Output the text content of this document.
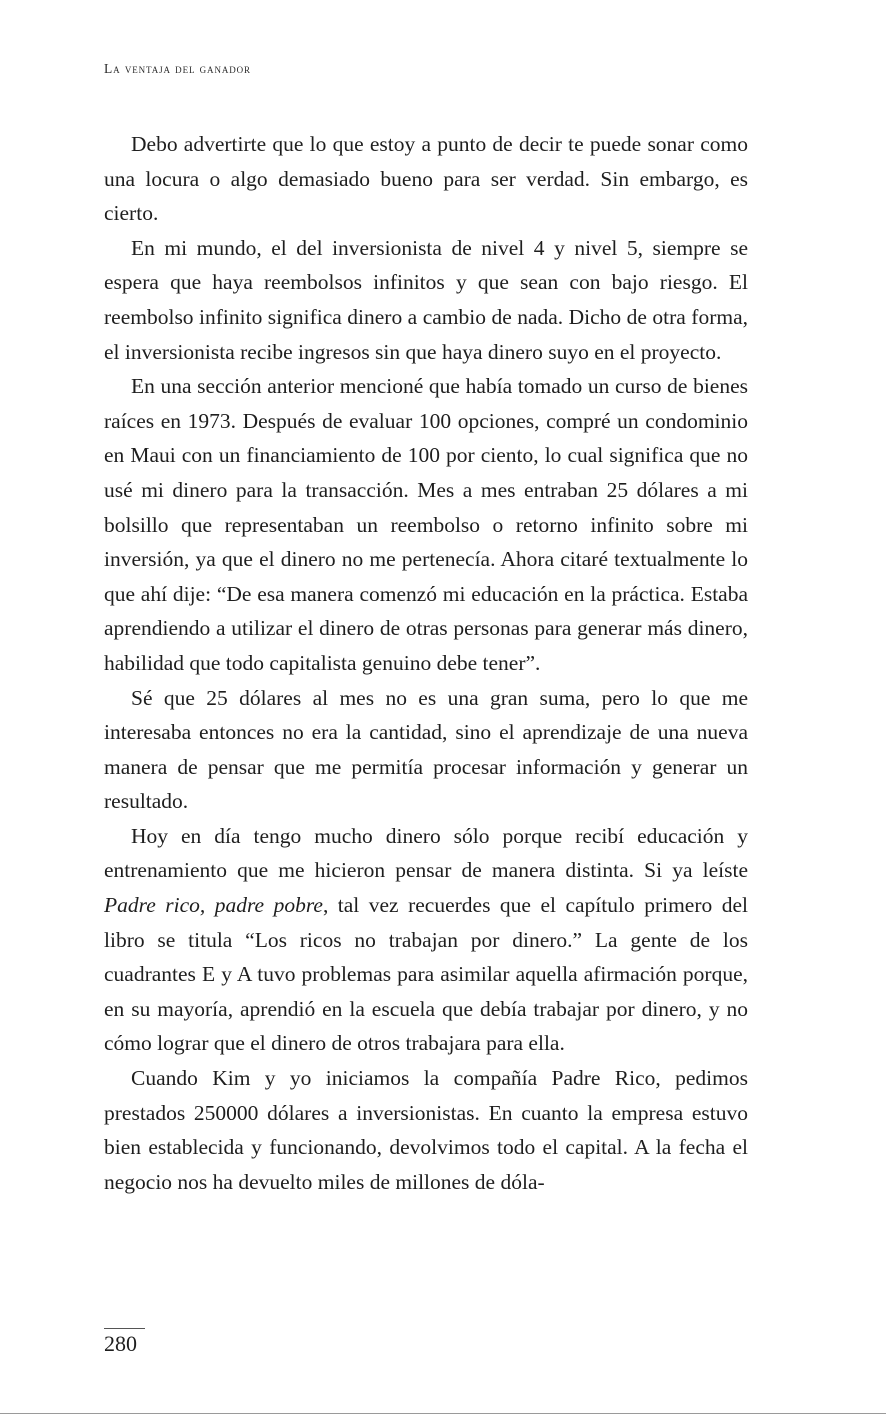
La ventaja del ganador

Debo advertirte que lo que estoy a punto de decir te puede sonar como una locura o algo demasiado bueno para ser verdad. Sin embargo, es cierto.

En mi mundo, el del inversionista de nivel 4 y nivel 5, siempre se espera que haya reembolsos infinitos y que sean con bajo riesgo. El reembolso infinito significa dinero a cambio de nada. Dicho de otra forma, el inversionista recibe ingresos sin que haya dinero suyo en el proyecto.

En una sección anterior mencioné que había tomado un curso de bienes raíces en 1973. Después de evaluar 100 opciones, compré un condominio en Maui con un financiamiento de 100 por ciento, lo cual significa que no usé mi dinero para la transacción. Mes a mes entraban 25 dólares a mi bolsillo que representaban un reembolso o retorno infinito sobre mi inversión, ya que el dinero no me pertenecía. Ahora citaré textualmente lo que ahí dije: “De esa manera comenzó mi educación en la práctica. Estaba aprendiendo a utilizar el dinero de otras personas para generar más dinero, habilidad que todo capitalista genuino debe tener”.

Sé que 25 dólares al mes no es una gran suma, pero lo que me interesaba entonces no era la cantidad, sino el aprendizaje de una nueva manera de pensar que me permitía procesar información y generar un resultado.

Hoy en día tengo mucho dinero sólo porque recibí educación y entrenamiento que me hicieron pensar de manera distinta. Si ya leíste Padre rico, padre pobre, tal vez recuerdes que el capítulo primero del libro se titula “Los ricos no trabajan por dinero.” La gente de los cuadrantes E y A tuvo problemas para asimilar aquella afirmación porque, en su mayoría, aprendió en la escuela que debía trabajar por dinero, y no cómo lograr que el dinero de otros trabajara para ella.

Cuando Kim y yo iniciamos la compañía Padre Rico, pedimos prestados 250000 dólares a inversionistas. En cuanto la empresa estuvo bien establecida y funcionando, devolvimos todo el capital. A la fecha el negocio nos ha devuelto miles de millones de dóla-

280
